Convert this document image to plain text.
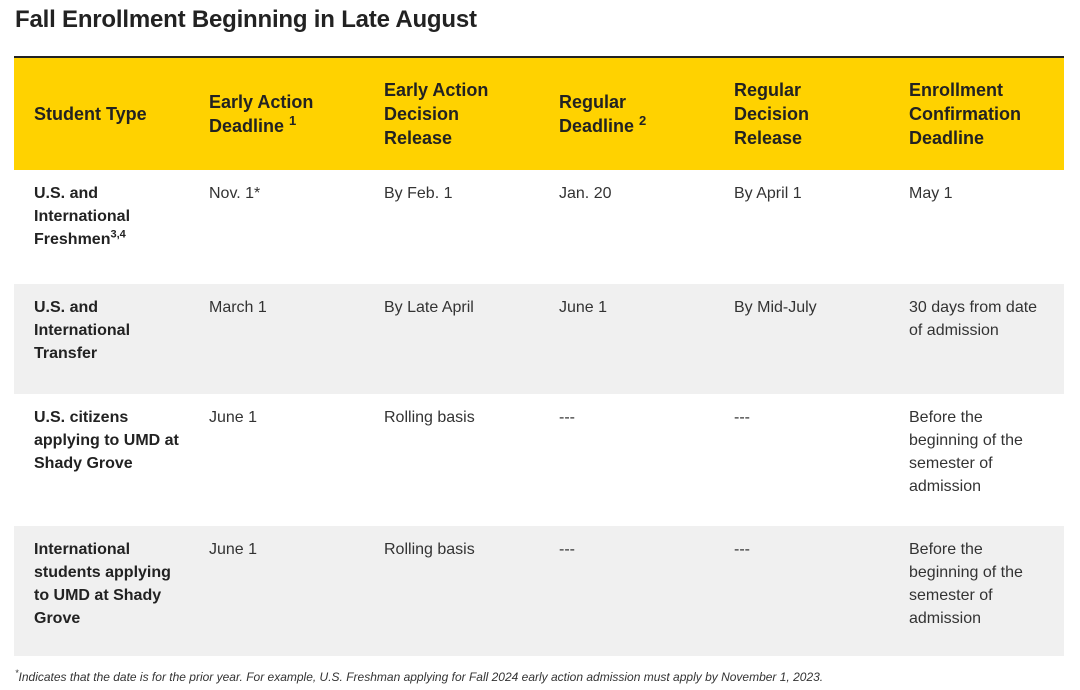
Fall Enrollment Beginning in Late August
Student Type	Early Action Deadline $^1$	Early Action Decision Release	Regular Deadline $^2$	Regular Decision Release	Enrollment Confirmation Deadline
U.S. and International Freshmen$^{3,4}$	Nov. 1*	By Feb. 1	Jan. 20	By April 1	May 1
U.S. and International Transfer	March 1	By Late April	June 1	By Mid-July	30 days from date of admission
U.S. citizens applying to UMD at Shady Grove	June 1	Rolling basis	---	---	Before the beginning of the semester of admission
International students applying to UMD at Shady Grove	June 1	Rolling basis	---	---	Before the beginning of the semester of admission
*Indicates that the date is for the prior year. For example, U.S. Freshman applying for Fall 2024 early action admission must apply by November 1, 2023.
